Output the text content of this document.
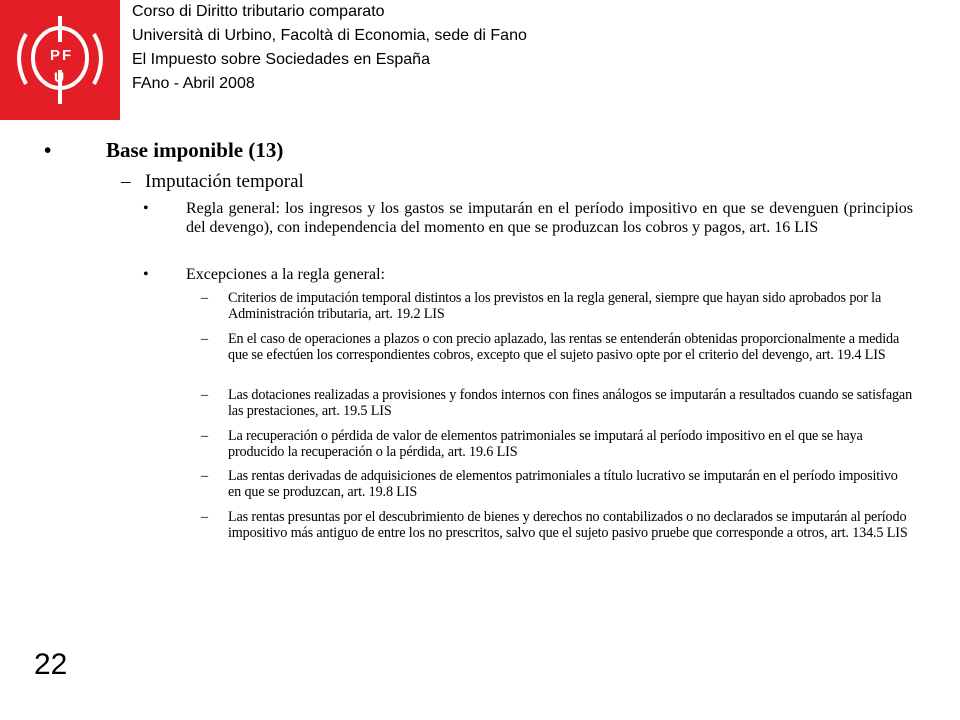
P F
U
Corso di Diritto tributario comparato
Università di Urbino, Facoltà di Economia, sede di Fano
El Impuesto sobre Sociedades en España
FAno - Abril 2008
•	Base imponible (13)
– Imputación temporal
• Regla general: los ingresos y los gastos se imputarán en el período impositivo en que se devenguen (principios del devengo), con independencia del momento en que se produzcan los cobros y pagos, art. 16 LIS
• Excepciones a la regla general:
– Criterios de imputación temporal distintos a los previstos en la regla general, siempre que hayan sido aprobados por la Administración tributaria, art. 19.2 LIS
– En el caso de operaciones a plazos o con precio aplazado, las rentas se entenderán obtenidas proporcionalmente a medida que se efectúen los correspondientes cobros, excepto que el sujeto pasivo opte por el criterio del devengo, art. 19.4 LIS
– Las dotaciones realizadas a provisiones y fondos internos con fines análogos se imputarán a resultados cuando se satisfagan las prestaciones, art. 19.5 LIS
– La recuperación o pérdida de valor de elementos patrimoniales se imputará al período impositivo en el que se haya producido la recuperación o la pérdida, art. 19.6 LIS
– Las rentas derivadas de adquisiciones de elementos patrimoniales a título lucrativo se imputarán en el período impositivo en que se produzcan, art. 19.8 LIS
– Las rentas presuntas por el descubrimiento de bienes y derechos no contabilizados o no declarados se imputarán al período impositivo más antiguo de entre los no prescritos, salvo que el sujeto pasivo pruebe que corresponde a otros, art. 134.5 LIS
22
